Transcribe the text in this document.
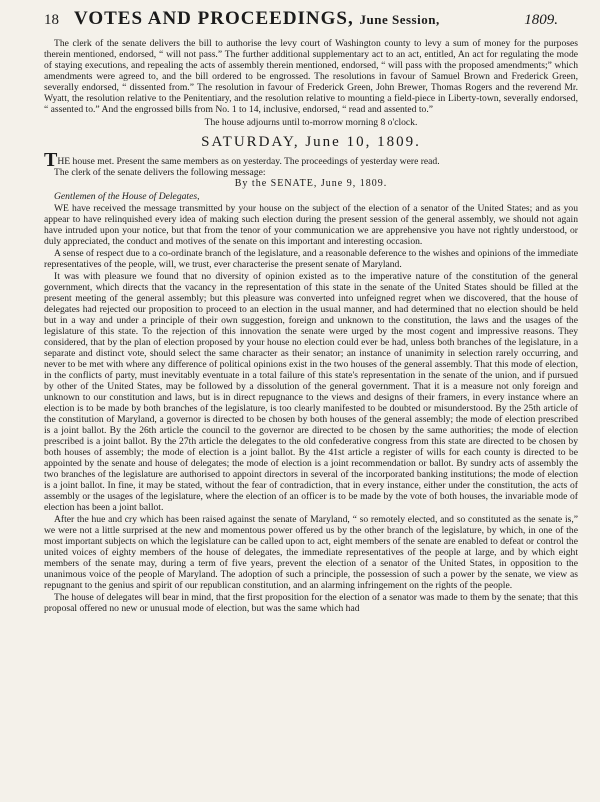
18 VOTES AND PROCEEDINGS, June Session,	1809.

The clerk of the senate delivers the bill to authorise the levy court of Washington county to levy a sum of money for the purposes therein mentioned, endorsed, “ will not pass.” The further additional supplementary act to an act, entitled, An act for regulating the mode of staying executions, and repealing the acts of assembly therein mentioned, endorsed, “ will pass with the proposed amendments;” which amendments were agreed to, and the bill ordered to be engrossed. The resolutions in favour of Samuel Brown and Frederick Green, severally endorsed, “ dissented from.” The resolution in favour of Frederick Green, John Brewer, Thomas Rogers and the reverend Mr. Wyatt, the resolution relative to the Penitentiary, and the resolution relative to mounting a field-piece in Liberty-town, severally endorsed, “ assented to.” And the engrossed bills from No. 1 to 14, inclusive, endorsed, “ read and assented to.”

The house adjourns until to-morrow morning 8 o'clock.

SATURDAY, June 10, 1809.

THE house met. Present the same members as on yesterday. The proceedings of yesterday were read.

The clerk of the senate delivers the following message:

By the SENATE, June 9, 1809.

Gentlemen of the House of Delegates,

WE have received the message transmitted by your house on the subject of the election of a senator of the United States; and as you appear to have relinquished every idea of making such election during the present session of the general assembly, we should not again have intruded upon your notice, but that from the tenor of your communication we are apprehensive you have not rightly understood, or duly appreciated, the conduct and motives of the senate on this important and interesting occasion.

A sense of respect due to a co-ordinate branch of the legislature, and a reasonable deference to the wishes and opinions of the immediate representatives of the people, will, we trust, ever characterise the present senate of Maryland.

It was with pleasure we found that no diversity of opinion existed as to the imperative nature of the constitution of the general government, which directs that the vacancy in the representation of this state in the senate of the United States should be filled at the present meeting of the general assembly; but this pleasure was converted into unfeigned regret when we discovered, that the house of delegates had rejected our proposition to proceed to an election in the usual manner, and had determined that no election should be held but in a way and under a principle of their own suggestion, foreign and unknown to the constitution, the laws and the usages of the legislature of this state. To the rejection of this innovation the senate were urged by the most cogent and impressive reasons. They considered, that by the plan of election proposed by your house no election could ever be had, unless both branches of the legislature, in a separate and distinct vote, should select the same character as their senator; an instance of unanimity in selection rarely occurring, and never to be met with where any difference of political opinions exist in the two houses of the general assembly. That this mode of election, in the conflicts of party, must inevitably eventuate in a total failure of this state's representation in the senate of the union, and if pursued by other of the United States, may be followed by a dissolution of the general government. That it is a measure not only foreign and unknown to our constitution and laws, but is in direct repugnance to the views and designs of their framers, in every instance where an election is to be made by both branches of the legislature, is too clearly manifested to be doubted or misunderstood. By the 25th article of the constitution of Maryland, a governor is directed to be chosen by both houses of the general assembly; the mode of election prescribed is a joint ballot. By the 26th article the council to the governor are directed to be chosen by the same authorities; the mode of election prescribed is a joint ballot. By the 27th article the delegates to the old confederative congress from this state are directed to be chosen by both houses of assembly; the mode of election is a joint ballot. By the 41st article a register of wills for each county is directed to be appointed by the senate and house of delegates; the mode of election is a joint recommendation or ballot. By sundry acts of assembly the two branches of the legislature are authorised to appoint directors in several of the incorporated banking institutions; the mode of election is a joint ballot. In fine, it may be stated, without the fear of contradiction, that in every instance, either under the constitution, the acts of assembly or the usages of the legislature, where the election of an officer is to be made by the vote of both houses, the invariable mode of election has been a joint ballot.

After the hue and cry which has been raised against the senate of Maryland, “ so remotely elected, and so constituted as the senate is,” we were not a little surprised at the new and momentous power offered us by the other branch of the legislature, by which, in one of the most important subjects on which the legislature can be called upon to act, eight members of the senate are enabled to defeat or control the united voices of eighty members of the house of delegates, the immediate representatives of the people at large, and by which eight members of the senate may, during a term of five years, prevent the election of a senator of the United States, in opposition to the unanimous voice of the people of Maryland. The adoption of such a principle, the possession of such a power by the senate, we view as repugnant to the genius and spirit of our republican constitution, and an alarming infringement on the rights of the people.

The house of delegates will bear in mind, that the first proposition for the election of a senator was made to them by the senate; that this proposal offered no new or unusual mode of election, but was the same which had
